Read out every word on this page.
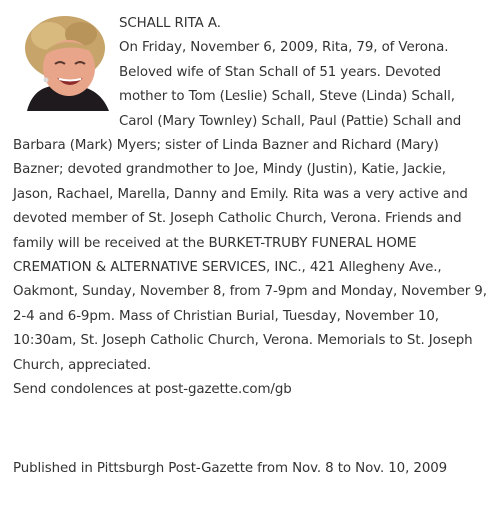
SCHALL RITA A.
On Friday, November 6, 2009, Rita, 79, of Verona. Beloved wife of Stan Schall of 51 years. Devoted mother to Tom (Leslie) Schall, Steve (Linda) Schall, Carol (Mary Townley) Schall, Paul (Pattie) Schall and Barbara (Mark) Myers; sister of Linda Bazner and Richard (Mary) Bazner; devoted grandmother to Joe, Mindy (Justin), Katie, Jackie, Jason, Rachael, Marella, Danny and Emily. Rita was a very active and devoted member of St. Joseph Catholic Church, Verona. Friends and family will be received at the BURKET-TRUBY FUNERAL HOME CREMATION & ALTERNATIVE SERVICES, INC., 421 Allegheny Ave., Oakmont, Sunday, November 8, from 7-9pm and Monday, November 9, 2-4 and 6-9pm. Mass of Christian Burial, Tuesday, November 10, 10:30am, St. Joseph Catholic Church, Verona. Memorials to St. Joseph Church, appreciated.
Send condolences at post-gazette.com/gb
Published in Pittsburgh Post-Gazette from Nov. 8 to Nov. 10, 2009
